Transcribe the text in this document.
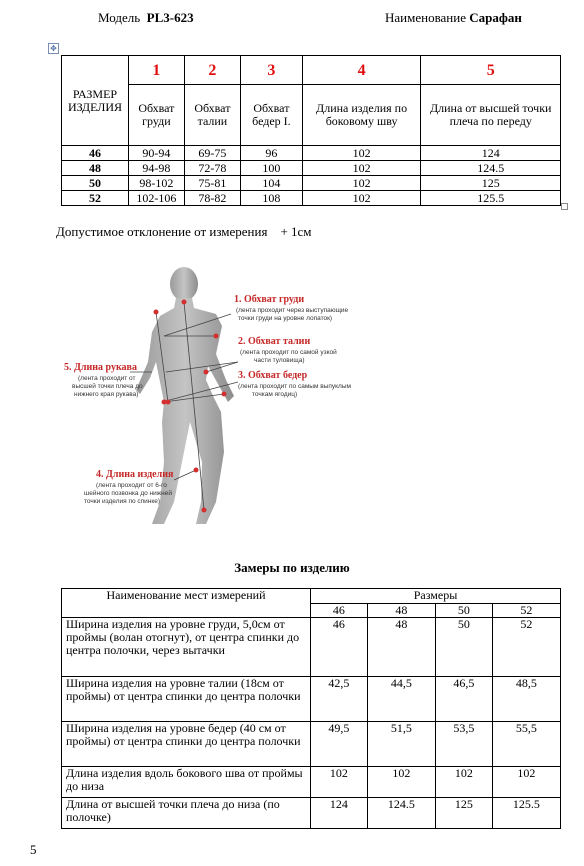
Модель PL3-623	Наименование Сарафан
✥
РАЗМЕР ИЗДЕЛИЯ	1	2	3	4	5
	Обхват груди	Обхват талии	Обхват бедер I.	Длина изделия по боковому шву	Длина от высшей точки плеча по переду
46	90-94	69-75	96	102	124
48	94-98	72-78	100	102	124.5
50	98-102	75-81	104	102	125
52	102-106	78-82	108	102	125.5
Допустимое отклонение от измерения + 1см
1. Обхват груди
(лента проходит через выступающие
точки груди на уровне лопаток)
2. Обхват талии
(лента проходит по самой узкой
части туловища)
3. Обхват бедер
(лента проходит по самым выпуклым
точкам ягодиц)
5. Длина рукава
(лента проходит от
высшей точки плеча до
нижнего края рукава)
4. Длина изделия
(лента проходит от 6-го
шейного позвонка до нижней
точки изделия по спинке)
Замеры по изделию
Наименование мест измерений	Размеры			
	46	48	50	52
Ширина изделия на уровне груди, 5,0см от проймы (волан отогнут), от центра спинки до центра полочки, через вытачки	46	48	50	52
Ширина изделия на уровне талии (18см от проймы) от центра спинки до центра полочки	42,5	44,5	46,5	48,5
Ширина изделия на уровне бедер (40 см от проймы) от центра спинки до центра полочки	49,5	51,5	53,5	55,5
Длина изделия вдоль бокового шва от проймы до низа	102	102	102	102
Длина от высшей точки плеча до низа (по полочке)	124	124.5	125	125.5
5
